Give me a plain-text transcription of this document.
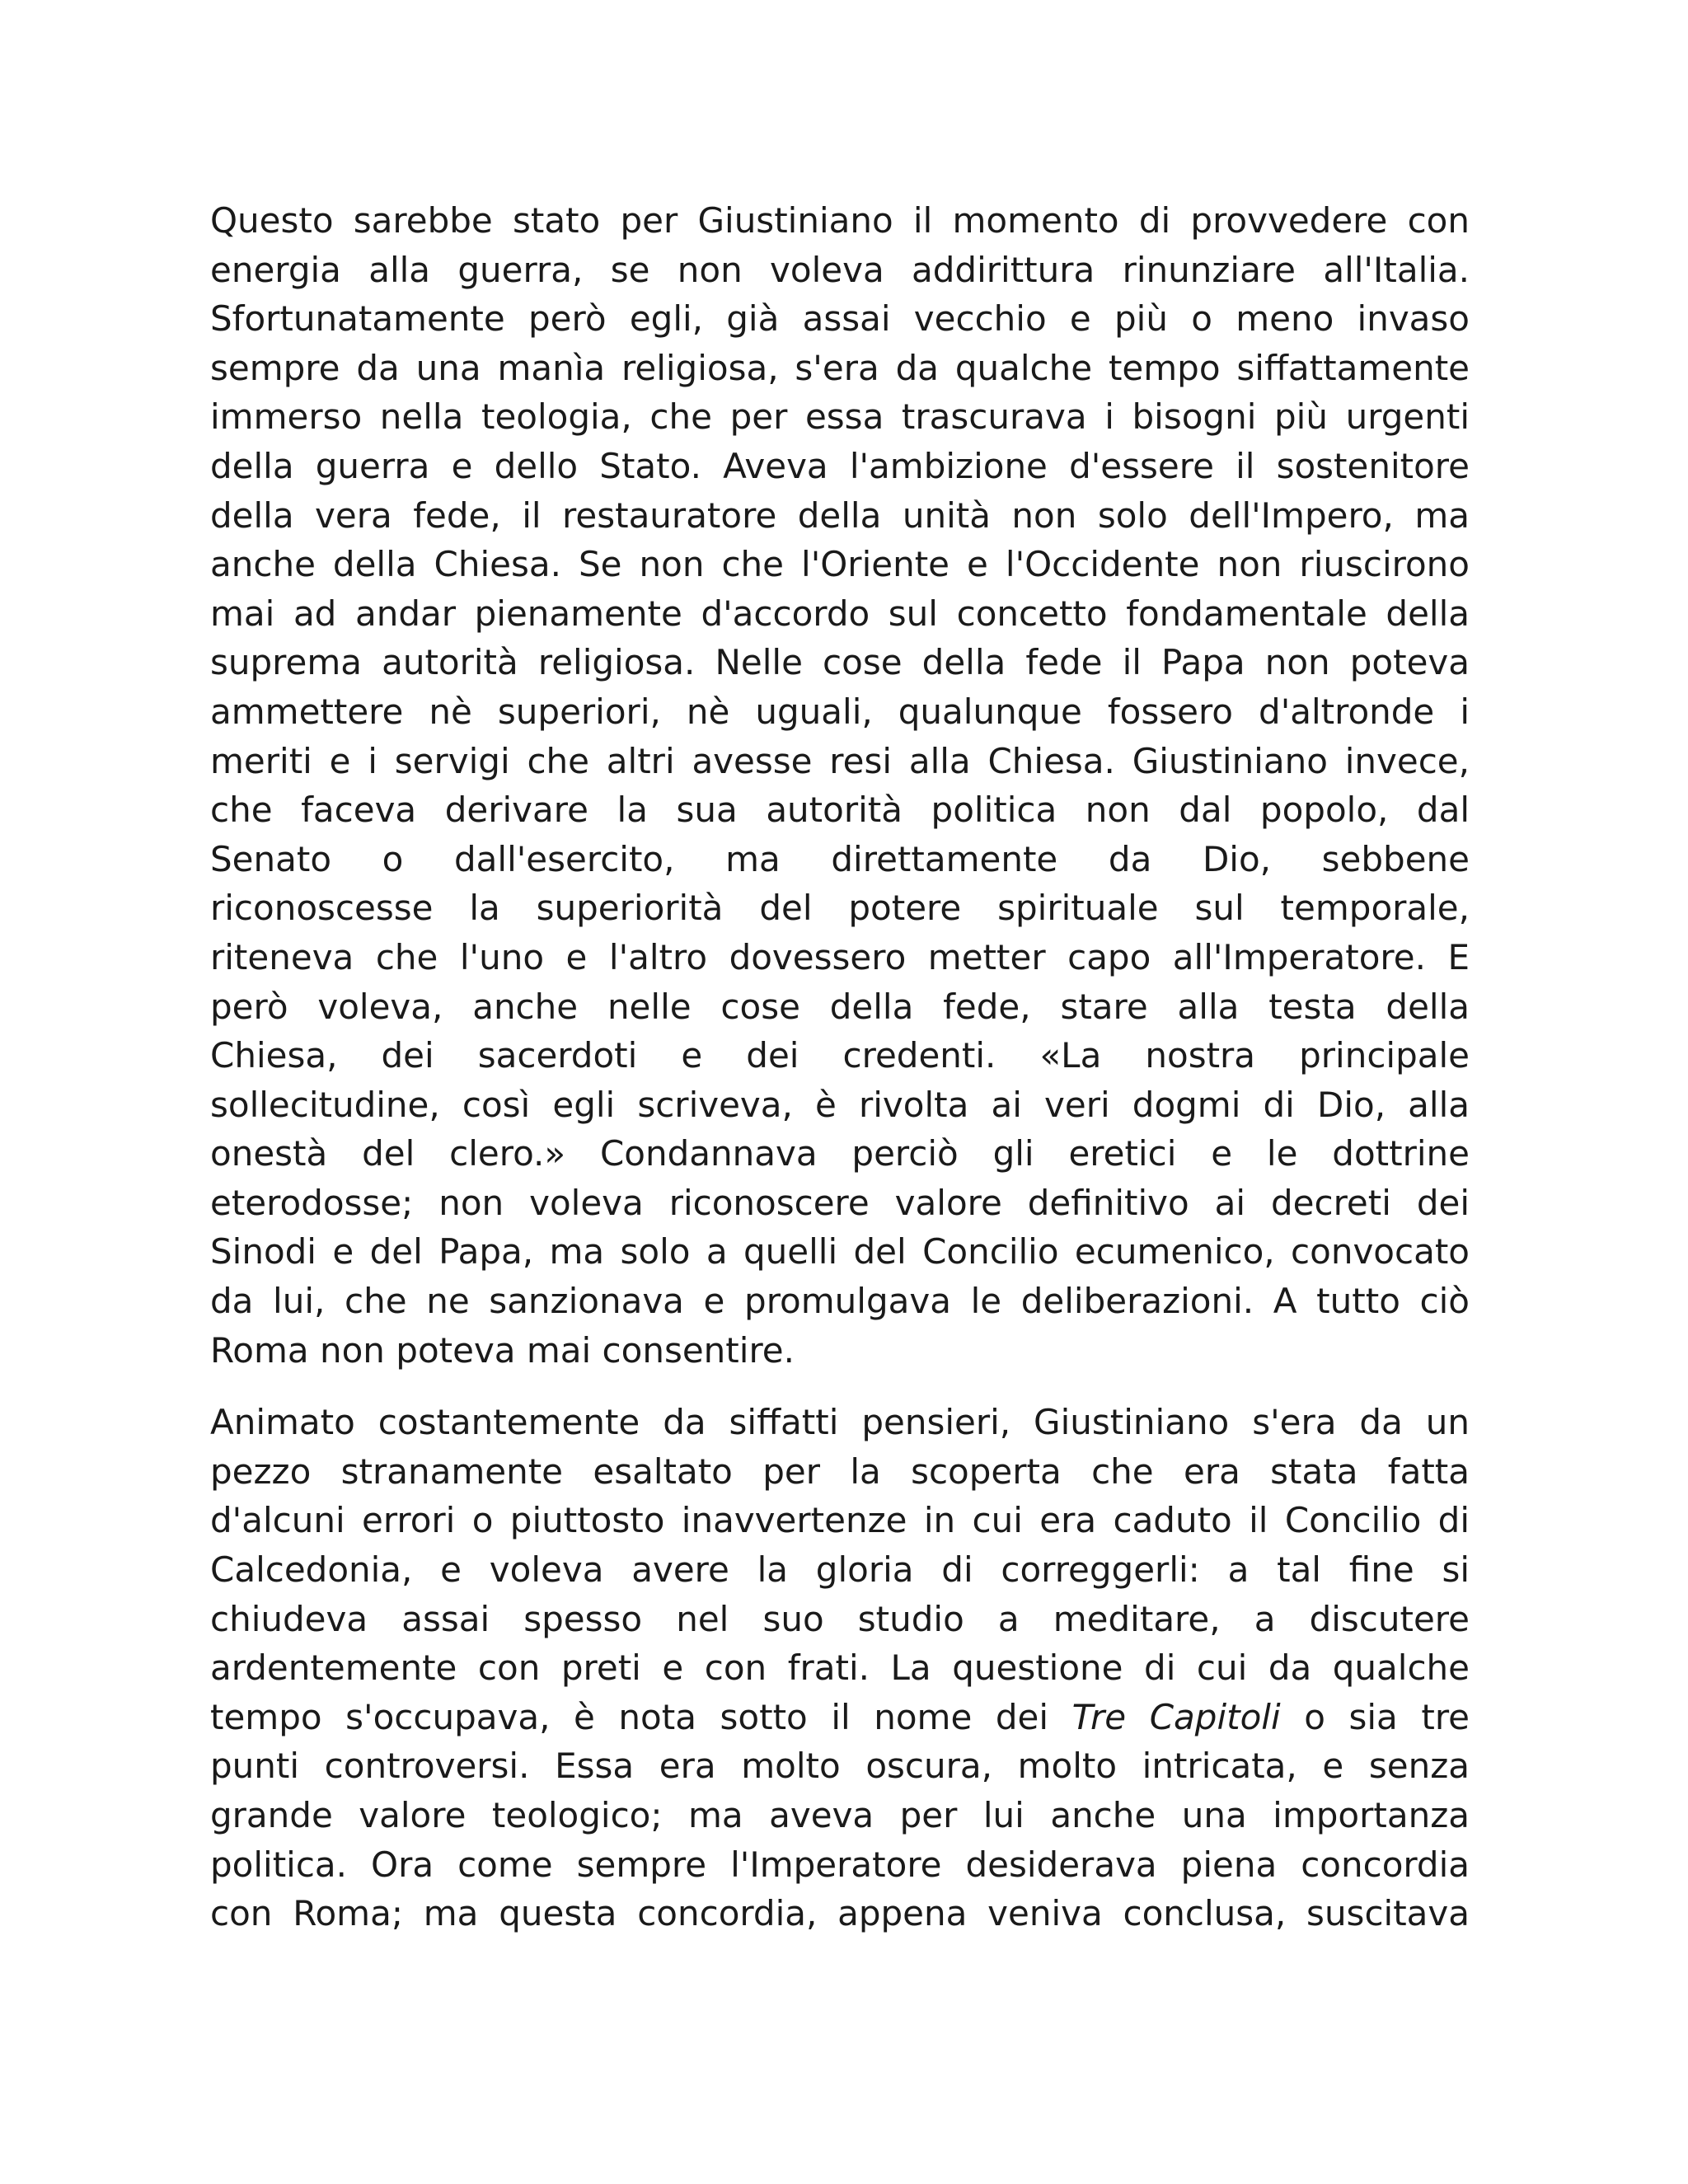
Questo sarebbe stato per Giustiniano il momento di provvedere con
energia alla guerra, se non voleva addirittura rinunziare all'Italia.
Sfortunatamente però egli, già assai vecchio e più o meno invaso
sempre da una manìa religiosa, s'era da qualche tempo siffattamente
immerso nella teologia, che per essa trascurava i bisogni più urgenti
della guerra e dello Stato. Aveva l'ambizione d'essere il sostenitore
della vera fede, il restauratore della unità non solo dell'Impero, ma
anche della Chiesa. Se non che l'Oriente e l'Occidente non riuscirono
mai ad andar pienamente d'accordo sul concetto fondamentale della
suprema autorità religiosa. Nelle cose della fede il Papa non poteva
ammettere nè superiori, nè uguali, qualunque fossero d'altronde i
meriti e i servigi che altri avesse resi alla Chiesa. Giustiniano invece,
che faceva derivare la sua autorità politica non dal popolo, dal
Senato o dall'esercito, ma direttamente da Dio, sebbene
riconoscesse la superiorità del potere spirituale sul temporale,
riteneva che l'uno e l'altro dovessero metter capo all'Imperatore. E
però voleva, anche nelle cose della fede, stare alla testa della
Chiesa, dei sacerdoti e dei credenti. «La nostra principale
sollecitudine, così egli scriveva, è rivolta ai veri dogmi di Dio, alla
onestà del clero.» Condannava perciò gli eretici e le dottrine
eterodosse; non voleva riconoscere valore definitivo ai decreti dei
Sinodi e del Papa, ma solo a quelli del Concilio ecumenico, convocato
da lui, che ne sanzionava e promulgava le deliberazioni. A tutto ciò
Roma non poteva mai consentire.

Animato costantemente da siffatti pensieri, Giustiniano s'era da un
pezzo stranamente esaltato per la scoperta che era stata fatta
d'alcuni errori o piuttosto inavvertenze in cui era caduto il Concilio di
Calcedonia, e voleva avere la gloria di correggerli: a tal fine si
chiudeva assai spesso nel suo studio a meditare, a discutere
ardentemente con preti e con frati. La questione di cui da qualche
tempo s'occupava, è nota sotto il nome dei Tre Capitoli o sia tre
punti controversi. Essa era molto oscura, molto intricata, e senza
grande valore teologico; ma aveva per lui anche una importanza
politica. Ora come sempre l'Imperatore desiderava piena concordia
con Roma; ma questa concordia, appena veniva conclusa, suscitava
